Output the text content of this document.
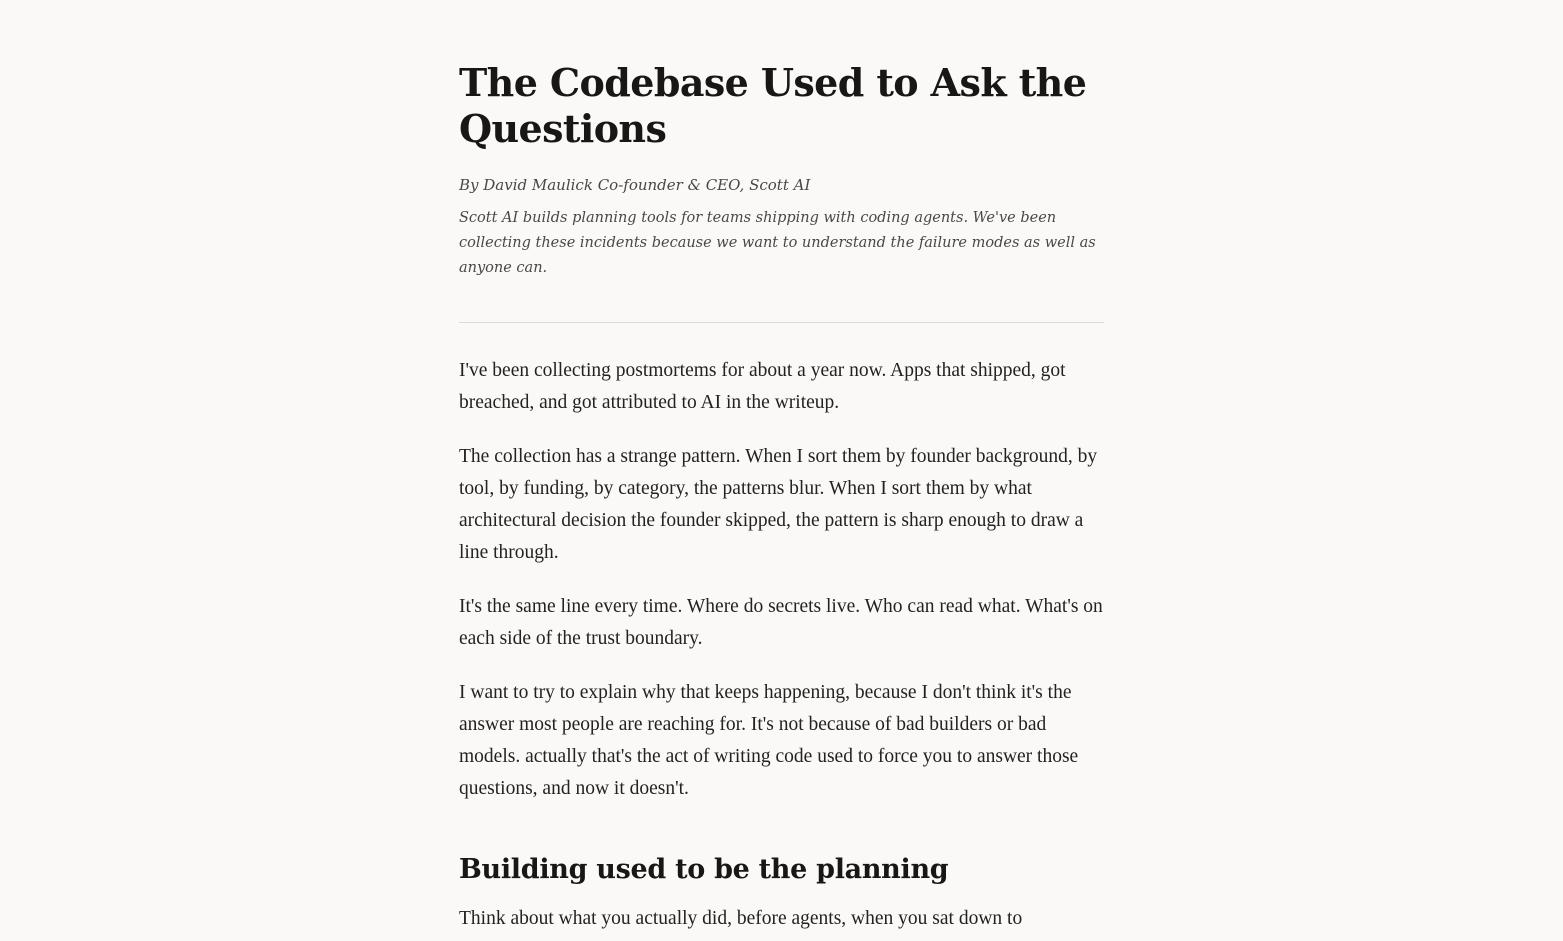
The Codebase Used to Ask the Questions
By David Maulick Co-founder & CEO, Scott AI
Scott AI builds planning tools for teams shipping with coding agents. We've been collecting these incidents because we want to understand the failure modes as well as anyone can.

I've been collecting postmortems for about a year now. Apps that shipped, got breached, and got attributed to AI in the writeup.

The collection has a strange pattern. When I sort them by founder background, by tool, by funding, by category, the patterns blur. When I sort them by what architectural decision the founder skipped, the pattern is sharp enough to draw a line through.

It's the same line every time. Where do secrets live. Who can read what. What's on each side of the trust boundary.

I want to try to explain why that keeps happening, because I don't think it's the answer most people are reaching for. It's not because of bad builders or bad models. actually that's the act of writing code used to force you to answer those questions, and now it doesn't.

Building used to be the planning

Think about what you actually did, before agents, when you sat down to
